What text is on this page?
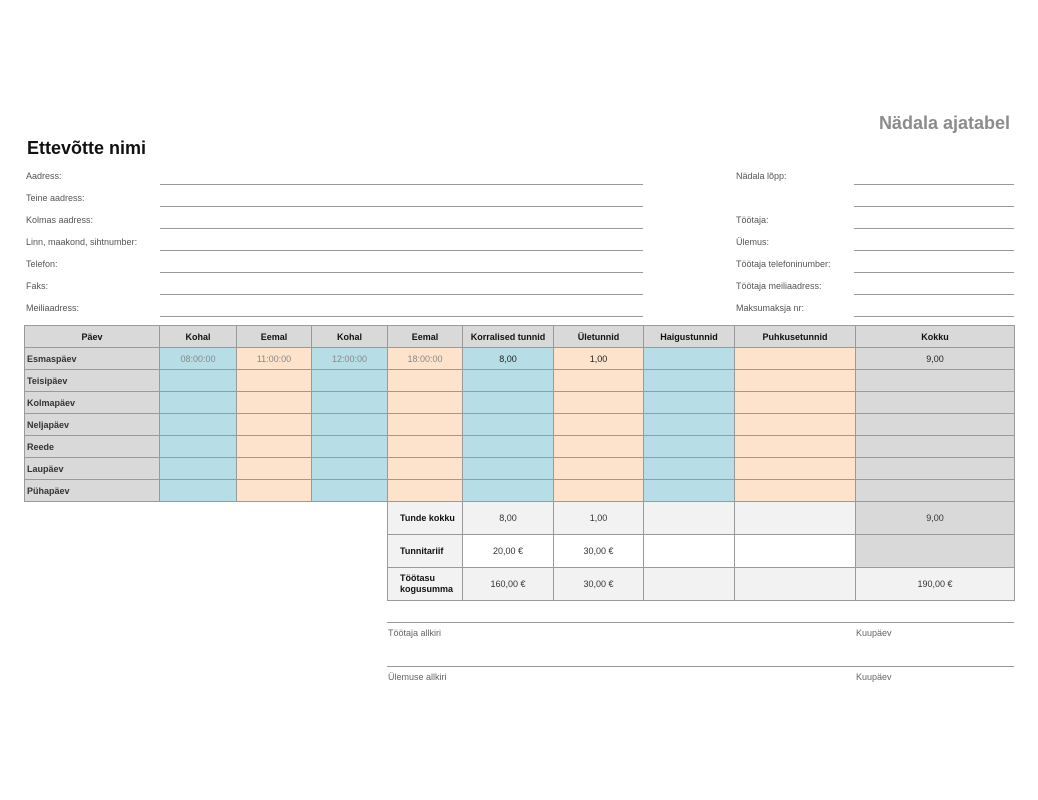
Nädala ajatabel
Ettevõtte nimi
Aadress:
Teine aadress:
Kolmas aadress:
Linn, maakond, sihtnumber:
Telefon:
Faks:
Meiliaadress:
Nädala lõpp:
Töötaja:
Ülemus:
Töötaja telefoninumber:
Töötaja meiliaadress:
Maksumaksja nr:
Päev	Kohal	Eemal	Kohal	Eemal	Korralised tunnid	Ületunnid	Haigustunnid	Puhkusetunnid	Kokku
Esmaspäev	08:00:00	11:00:00	12:00:00	18:00:00	8,00	1,00			9,00
Teisipäev									
Kolmapäev									
Neljapäev									
Reede									
Laupäev									
Pühapäev									
Tunde kokku	8,00	1,00			9,00
Tunnitariif	20,00 €	30,00 €			
Töötasu kogusumma	160,00 €	30,00 €			190,00 €
Töötaja allkiri	Kuupäev
Ülemuse allkiri	Kuupäev
